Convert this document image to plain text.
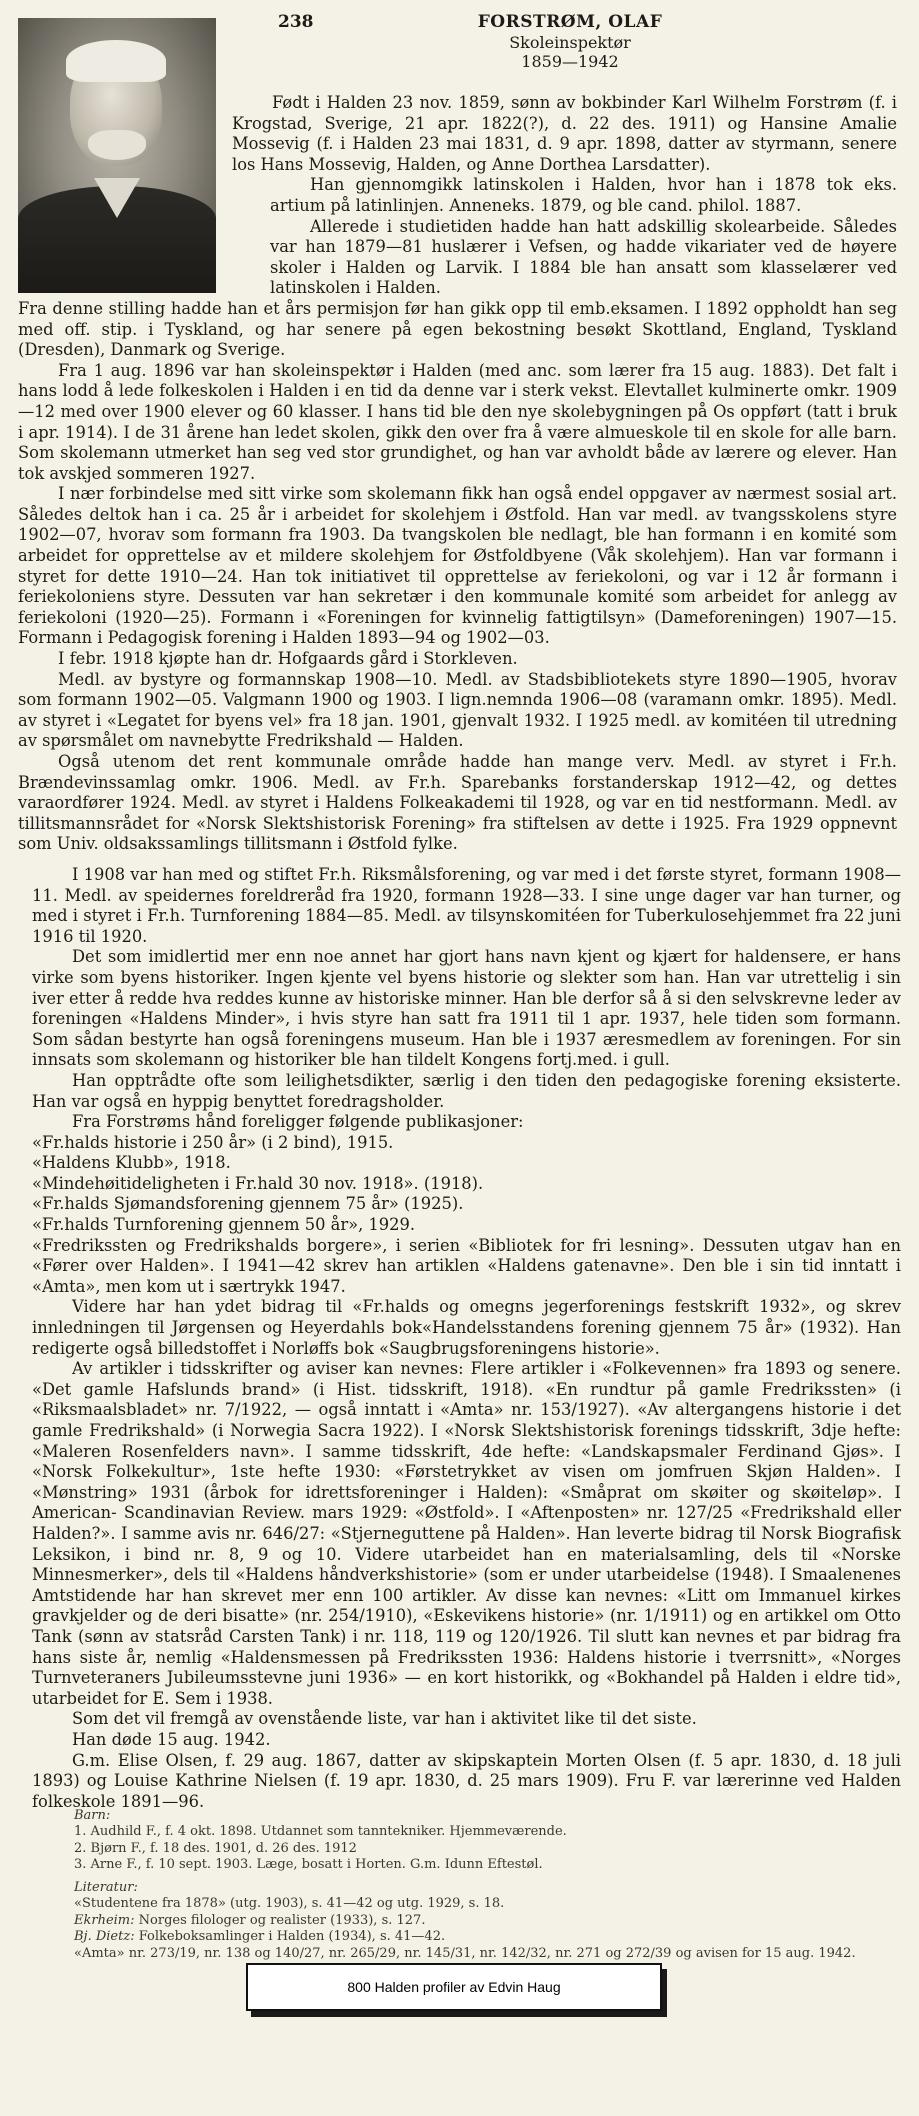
238	FORSTRØM, OLAF
Skoleinspektør
1859—1942

Født i Halden 23 nov. 1859, sønn av bokbinder Karl Wilhelm Forstrøm (f. i Krogstad, Sverige, 21 apr. 1822(?), d. 22 des. 1911) og Hansine Amalie Mossevig (f. i Halden 23 mai 1831, d. 9 apr. 1898, datter av styrmann, senere los Hans Mossevig, Halden, og Anne Dorthea Larsdatter).

Han gjennomgikk latinskolen i Halden, hvor han i 1878 tok eks. artium på latinlinjen. Anneneks. 1879, og ble cand. philol. 1887.

Allerede i studietiden hadde han hatt adskillig skolearbeide. Således var han 1879—81 huslærer i Vefsen, og hadde vikariater ved de høyere skoler i Halden og Larvik. I 1884 ble han ansatt som klasselærer ved latinskolen i Halden.

Fra denne stilling hadde han et års permisjon før han gikk opp til emb.eksamen. I 1892 oppholdt han seg med off. stip. i Tyskland, og har senere på egen bekostning besøkt Skottland, England, Tyskland (Dresden), Danmark og Sverige.

Fra 1 aug. 1896 var han skoleinspektør i Halden (med anc. som lærer fra 15 aug. 1883). Det falt i hans lodd å lede folkeskolen i Halden i en tid da denne var i sterk vekst. Elevtallet kulminerte omkr. 1909—12 med over 1900 elever og 60 klasser. I hans tid ble den nye skolebygningen på Os oppført (tatt i bruk i apr. 1914). I de 31 årene han ledet skolen, gikk den over fra å være almueskole til en skole for alle barn. Som skolemann utmerket han seg ved stor grundighet, og han var avholdt både av lærere og elever. Han tok avskjed sommeren 1927.

I nær forbindelse med sitt virke som skolemann fikk han også endel oppgaver av nærmest sosial art. Således deltok han i ca. 25 år i arbeidet for skolehjem i Østfold. Han var medl. av tvangsskolens styre 1902—07, hvorav som formann fra 1903. Da tvangskolen ble nedlagt, ble han formann i en komité som arbeidet for opprettelse av et mildere skolehjem for Østfoldbyene (Våk skolehjem). Han var formann i styret for dette 1910—24. Han tok initiativet til opprettelse av feriekoloni, og var i 12 år formann i feriekoloniens styre. Dessuten var han sekretær i den kommunale komité som arbeidet for anlegg av feriekoloni (1920—25). Formann i «Foreningen for kvinnelig fattigtilsyn» (Dameforeningen) 1907—15. Formann i Pedagogisk forening i Halden 1893—94 og 1902—03.

I febr. 1918 kjøpte han dr. Hofgaards gård i Storkleven.

Medl. av bystyre og formannskap 1908—10. Medl. av Stadsbibliotekets styre 1890—1905, hvorav som formann 1902—05. Valgmann 1900 og 1903. I lign.nemnda 1906—08 (varamann omkr. 1895). Medl. av styret i «Legatet for byens vel» fra 18 jan. 1901, gjenvalt 1932. I 1925 medl. av komitéen til utredning av spørsmålet om navnebytte Fredrikshald — Halden.

Også utenom det rent kommunale område hadde han mange verv. Medl. av styret i Fr.h. Brændevinssamlag omkr. 1906. Medl. av Fr.h. Sparebanks forstanderskap 1912—42, og dettes varaordfører 1924. Medl. av styret i Haldens Folkeakademi til 1928, og var en tid nestformann. Medl. av tillitsmannsrådet for «Norsk Slektshistorisk Forening» fra stiftelsen av dette i 1925. Fra 1929 oppnevnt som Univ. oldsakssamlings tillitsmann i Østfold fylke.

I 1908 var han med og stiftet Fr.h. Riksmålsforening, og var med i det første styret, formann 1908—11. Medl. av speidernes foreldreråd fra 1920, formann 1928—33. I sine unge dager var han turner, og med i styret i Fr.h. Turnforening 1884—85. Medl. av tilsynskomitéen for Tuberkulosehjemmet fra 22 juni 1916 til 1920.

Det som imidlertid mer enn noe annet har gjort hans navn kjent og kjært for haldensere, er hans virke som byens historiker. Ingen kjente vel byens historie og slekter som han. Han var utrettelig i sin iver etter å redde hva reddes kunne av historiske minner. Han ble derfor så å si den selvskrevne leder av foreningen «Haldens Minder», i hvis styre han satt fra 1911 til 1 apr. 1937, hele tiden som formann. Som sådan bestyrte han også foreningens museum. Han ble i 1937 æresmedlem av foreningen. For sin innsats som skolemann og historiker ble han tildelt Kongens fortj.med. i gull.

Han opptrådte ofte som leilighetsdikter, særlig i den tiden den pedagogiske forening eksisterte. Han var også en hyppig benyttet foredragsholder.

Fra Forstrøms hånd foreligger følgende publikasjoner:

«Fr.halds historie i 250 år» (i 2 bind), 1915.

«Haldens Klubb», 1918.

«Mindehøitideligheten i Fr.hald 30 nov. 1918». (1918).

«Fr.halds Sjømandsforening gjennem 75 år» (1925).

«Fr.halds Turnforening gjennem 50 år», 1929.

«Fredrikssten og Fredrikshalds borgere», i serien «Bibliotek for fri lesning». Dessuten utgav han en «Fører over Halden». I 1941—42 skrev han artiklen «Haldens gatenavne». Den ble i sin tid inntatt i «Amta», men kom ut i særtrykk 1947.

Videre har han ydet bidrag til «Fr.halds og omegns jegerforenings festskrift 1932», og skrev innledningen til Jørgensen og Heyerdahls bok«Handelsstandens forening gjennem 75 år» (1932). Han redigerte også billedstoffet i Norløffs bok «Saugbrugsforeningens historie».

Av artikler i tidsskrifter og aviser kan nevnes: Flere artikler i «Folkevennen» fra 1893 og senere. «Det gamle Hafslunds brand» (i Hist. tidsskrift, 1918). «En rundtur på gamle Fredrikssten» (i «Riksmaalsbladet» nr. 7/1922, — også inntatt i «Amta» nr. 153/1927). «Av altergangens historie i det gamle Fredrikshald» (i Norwegia Sacra 1922). I «Norsk Slektshistorisk forenings tidsskrift, 3dje hefte: «Maleren Rosenfelders navn». I samme tidsskrift, 4de hefte: «Landskapsmaler Ferdinand Gjøs». I «Norsk Folkekultur», 1ste hefte 1930: «Førstetrykket av visen om jomfruen Skjøn Halden». I «Mønstring» 1931 (årbok for idrettsforeninger i Halden): «Småprat om skøiter og skøiteløp». I American- Scandinavian Review. mars 1929: «Østfold». I «Aftenposten» nr. 127/25 «Fredrikshald eller Halden?». I samme avis nr. 646/27: «Stjerneguttene på Halden». Han leverte bidrag til Norsk Biografisk Leksikon, i bind nr. 8, 9 og 10. Videre utarbeidet han en materialsamling, dels til «Norske Minnesmerker», dels til «Haldens håndverkshistorie» (som er under utarbeidelse (1948). I Smaalenenes Amtstidende har han skrevet mer enn 100 artikler. Av disse kan nevnes: «Litt om Immanuel kirkes gravkjelder og de deri bisatte» (nr. 254/1910), «Eskevikens historie» (nr. 1/1911) og en artikkel om Otto Tank (sønn av statsråd Carsten Tank) i nr. 118, 119 og 120/1926. Til slutt kan nevnes et par bidrag fra hans siste år, nemlig «Haldensmessen på Fredrikssten 1936: Haldens historie i tverrsnitt», «Norges Turnveteraners Jubileumsstevne juni 1936» — en kort historikk, og «Bokhandel på Halden i eldre tid», utarbeidet for E. Sem i 1938.

Som det vil fremgå av ovenstående liste, var han i aktivitet like til det siste.

Han døde 15 aug. 1942.

G.m. Elise Olsen, f. 29 aug. 1867, datter av skipskaptein Morten Olsen (f. 5 apr. 1830, d. 18 juli 1893) og Louise Kathrine Nielsen (f. 19 apr. 1830, d. 25 mars 1909). Fru F. var lærerinne ved Halden folkeskole 1891—96.

Barn:

1. Audhild F., f. 4 okt. 1898. Utdannet som tanntekniker. Hjemmeværende.

2. Bjørn F., f. 18 des. 1901, d. 26 des. 1912

3. Arne F., f. 10 sept. 1903. Læge, bosatt i Horten. G.m. Idunn Eftestøl.

Literatur:

«Studentene fra 1878» (utg. 1903), s. 41—42 og utg. 1929, s. 18.

Ekrheim: Norges filologer og realister (1933), s. 127.

Bj. Dietz: Folkeboksamlinger i Halden (1934), s. 41—42.

«Amta» nr. 273/19, nr. 138 og 140/27, nr. 265/29, nr. 145/31, nr. 142/32, nr. 271 og 272/39 og avisen for 15 aug. 1942.

800 Halden profiler av Edvin Haug
